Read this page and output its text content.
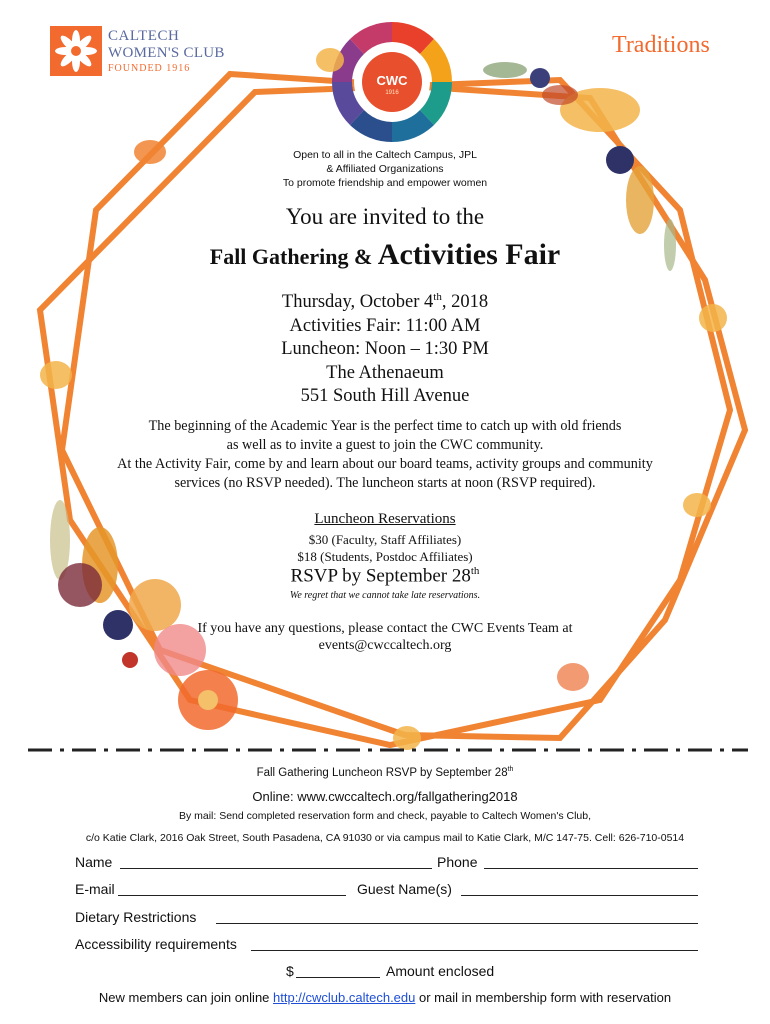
CALTECH
WOMEN'S CLUB
FOUNDED 1916
Traditions
CWC
1916
Open to all in the Caltech Campus, JPL
& Affiliated Organizations
To promote friendship and empower women
You are invited to the
Fall Gathering & Activities Fair
Thursday, October 4th, 2018
Activities Fair: 11:00 AM
Luncheon: Noon – 1:30 PM
The Athenaeum
551 South Hill Avenue
The beginning of the Academic Year is the perfect time to catch up with old friends
as well as to invite a guest to join the CWC community.
At the Activity Fair, come by and learn about our board teams, activity groups and community
services (no RSVP needed). The luncheon starts at noon (RSVP required).
Luncheon Reservations
$30 (Faculty, Staff Affiliates)
$18 (Students, Postdoc Affiliates)
RSVP by September 28th
We regret that we cannot take late reservations.
If you have any questions, please contact the CWC Events Team at
events@cwccaltech.org
Fall Gathering Luncheon RSVP by September 28th
Online: www.cwccaltech.org/fallgathering2018
By mail: Send completed reservation form and check, payable to Caltech Women's Club,
c/o Katie Clark, 2016 Oak Street, South Pasadena, CA 91030 or via campus mail to Katie Clark, M/C 147-75. Cell: 626-710-0514
Name	Phone
E-mail	Guest Name(s)
Dietary Restrictions
Accessibility requirements
$	Amount enclosed
New members can join online http://cwclub.caltech.edu or mail in membership form with reservation
